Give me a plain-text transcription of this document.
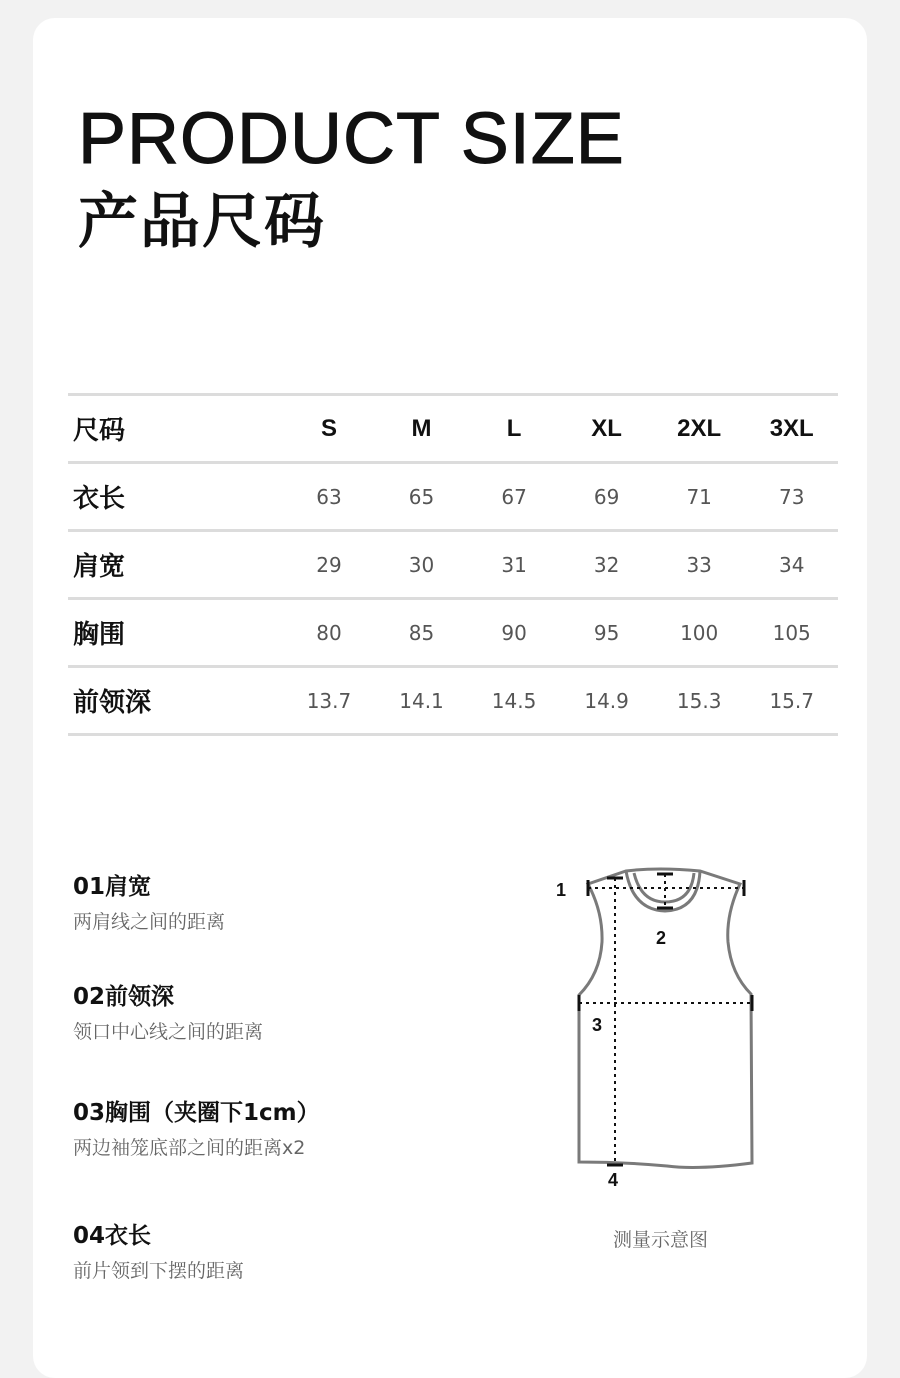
PRODUCT SIZE
产品尺码
尺码	S	M	L	XL	2XL	3XL
衣长	63	65	67	69	71	73
肩宽	29	30	31	32	33	34
胸围	80	85	90	95	100	105
前领深	13.7	14.1	14.5	14.9	15.3	15.7
01肩宽
两肩线之间的距离
02前领深
领口中心线之间的距离
03胸围（夹圈下1cm）
两边袖笼底部之间的距离x2
04衣长
前片领到下摆的距离
1
2
3
4
测量示意图
